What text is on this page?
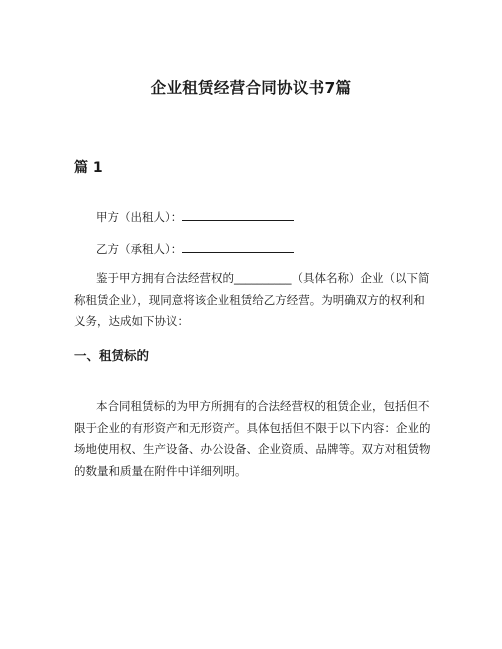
企业租赁经营合同协议书7篇
篇 1
甲方（出租人）：
乙方（承租人）：
鉴于甲方拥有合法经营权的__________（具体名称）企业（以下简称租赁企业），现同意将该企业租赁给乙方经营。为明确双方的权利和义务，达成如下协议：
一、租赁标的
本合同租赁标的为甲方所拥有的合法经营权的租赁企业，包括但不限于企业的有形资产和无形资产。具体包括但不限于以下内容：企业的场地使用权、生产设备、办公设备、企业资质、品牌等。双方对租赁物的数量和质量在附件中详细列明。
